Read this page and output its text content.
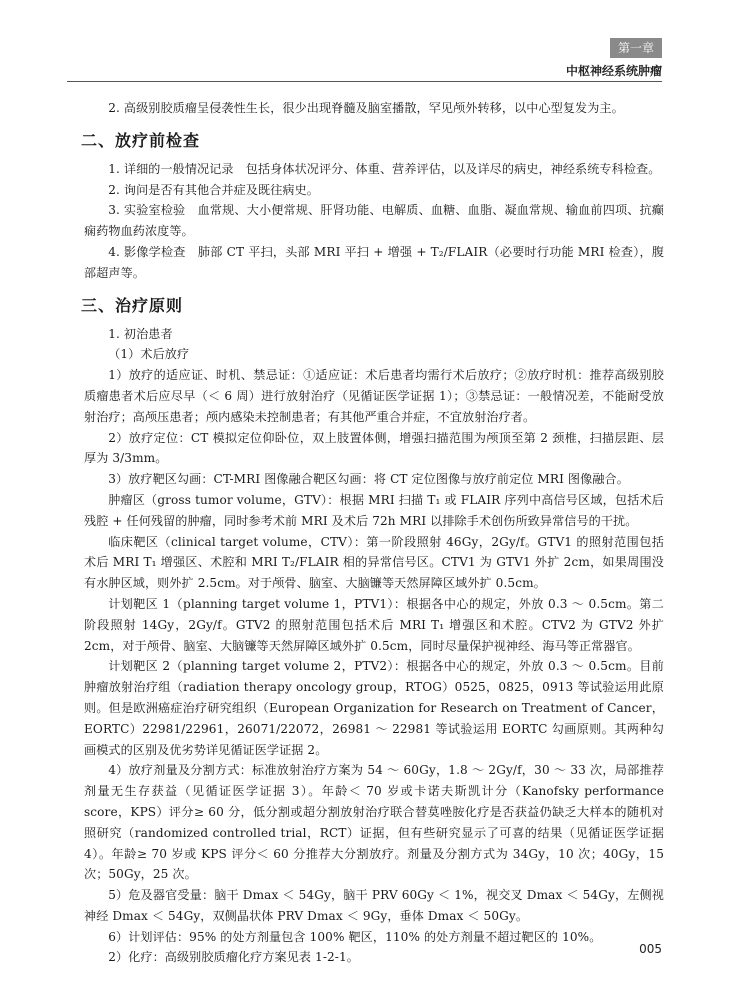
第一章
中枢神经系统肿瘤

2. 高级别胶质瘤呈侵袭性生长，很少出现脊髓及脑室播散，罕见颅外转移，以中心型复发为主。

二、放疗前检查

1. 详细的一般情况记录　包括身体状况评分、体重、营养评估，以及详尽的病史，神经系统专科检查。

2. 询问是否有其他合并症及既往病史。

3. 实验室检验　血常规、大小便常规、肝肾功能、电解质、血糖、血脂、凝血常规、输血前四项、抗癫痫药物血药浓度等。

4. 影像学检查　肺部 CT 平扫，头部 MRI 平扫 + 增强 + T₂/FLAIR（必要时行功能 MRI 检查），腹部超声等。

三、治疗原则

1. 初治患者

（1）术后放疗

1）放疗的适应证、时机、禁忌证：①适应证：术后患者均需行术后放疗；②放疗时机：推荐高级别胶质瘤患者术后应尽早（＜ 6 周）进行放射治疗（见循证医学证据 1）；③禁忌证：一般情况差，不能耐受放射治疗；高颅压患者；颅内感染未控制患者；有其他严重合并症，不宜放射治疗者。

2）放疗定位：CT 模拟定位仰卧位，双上肢置体侧，增强扫描范围为颅顶至第 2 颈椎，扫描层距、层厚为 3/3mm。

3）放疗靶区勾画：CT-MRI 图像融合靶区勾画：将 CT 定位图像与放疗前定位 MRI 图像融合。

肿瘤区（gross tumor volume，GTV）：根据 MRI 扫描 T₁ 或 FLAIR 序列中高信号区域，包括术后残腔 + 任何残留的肿瘤，同时参考术前 MRI 及术后 72h MRI 以排除手术创伤所致异常信号的干扰。

临床靶区（clinical target volume，CTV）：第一阶段照射 46Gy，2Gy/f。GTV1 的照射范围包括术后 MRI T₁ 增强区、术腔和 MRI T₂/FLAIR 相的异常信号区。CTV1 为 GTV1 外扩 2cm，如果周围没有水肿区域，则外扩 2.5cm。对于颅骨、脑室、大脑镰等天然屏障区域外扩 0.5cm。

计划靶区 1（planning target volume 1，PTV1）：根据各中心的规定，外放 0.3 ～ 0.5cm。第二阶段照射 14Gy，2Gy/f。GTV2 的照射范围包括术后 MRI T₁ 增强区和术腔。CTV2 为 GTV2 外扩 2cm，对于颅骨、脑室、大脑镰等天然屏障区域外扩 0.5cm，同时尽量保护视神经、海马等正常器官。

计划靶区 2（planning target volume 2，PTV2）：根据各中心的规定，外放 0.3 ～ 0.5cm。目前肿瘤放射治疗组（radiation therapy oncology group，RTOG）0525，0825，0913 等试验运用此原则。但是欧洲癌症治疗研究组织（European Organization for Research on Treatment of Cancer，EORTC）22981/22961，26071/22072，26981 ～ 22981 等试验运用 EORTC 勾画原则。其两种勾画模式的区别及优劣势详见循证医学证据 2。

4）放疗剂量及分割方式：标准放射治疗方案为 54 ～ 60Gy，1.8 ～ 2Gy/f，30 ～ 33 次，局部推荐剂量无生存获益（见循证医学证据 3）。年龄＜ 70 岁或卡诺夫斯凯计分（Kanofsky performance score，KPS）评分≥ 60 分，低分割或超分割放射治疗联合替莫唑胺化疗是否获益仍缺乏大样本的随机对照研究（randomized controlled trial，RCT）证据，但有些研究显示了可喜的结果（见循证医学证据 4）。年龄≥ 70 岁或 KPS 评分＜ 60 分推荐大分割放疗。剂量及分割方式为 34Gy，10 次；40Gy，15 次；50Gy，25 次。

5）危及器官受量：脑干 Dmax ＜ 54Gy，脑干 PRV 60Gy ＜ 1%，视交叉 Dmax ＜ 54Gy，左侧视神经 Dmax ＜ 54Gy，双侧晶状体 PRV Dmax ＜ 9Gy，垂体 Dmax ＜ 50Gy。

6）计划评估：95% 的处方剂量包含 100% 靶区，110% 的处方剂量不超过靶区的 10%。

2）化疗：高级别胶质瘤化疗方案见表 1-2-1。

005
